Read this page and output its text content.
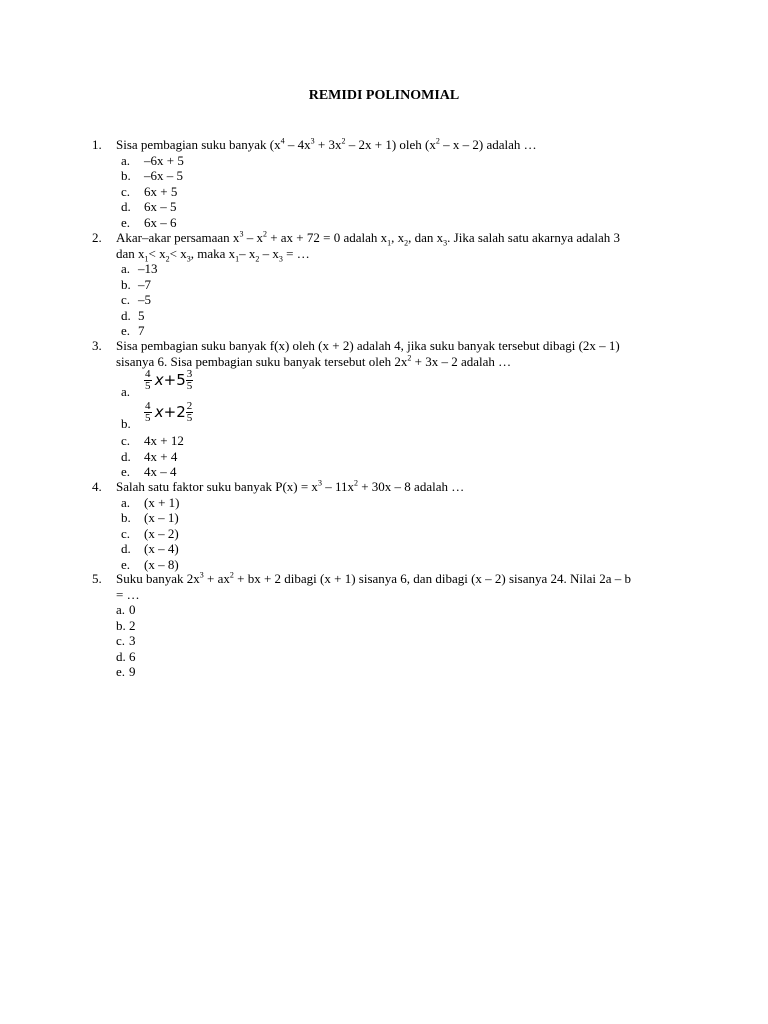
REMIDI POLINOMIAL
1. Sisa pembagian suku banyak $(x^4 - 4x^3 + 3x^2 - 2x + 1)$ oleh ($x^2$ – x – 2) adalah …
a. –6x + 5
b. –6x – 5
c. 6x + 5
d. 6x – 5
e. 6x – 6
2. Akar–akar persamaan $x^3 - x^2$ + ax + 72 = 0 adalah $x_1$, $x_2$, dan $x_3$. Jika salah satu akarnya adalah 3
dan $x_1< x_2< x_3$, maka $x_1-$ $x_2 - x_3$ = …
a. –13
b. –7
c. –5
d. 5
e. 7
3. Sisa pembagian suku banyak f(x) oleh (x + 2) adalah 4, jika suku banyak tersebut dibagi (2x – 1)
sisanya 6. Sisa pembagian suku banyak tersebut oleh $2x^2 + 3x - 2$ adalah …
a. $\frac{4}{5} x+5 \frac{3}{5}$
b. $\frac{4}{5} x+2 \frac{2}{5}$
c. 4x + 12
d. 4x + 4
e. 4x – 4
4. Salah satu faktor suku banyak $P(x) = x^3 - 11x^2 + 30x - 8$ adalah …
a. (x + 1)
b. (x – 1)
c. (x – 2)
d. (x – 4)
e. (x – 8)
5. Suku banyak $2x^3 + ax^2$ + bx + 2 dibagi (x + 1) sisanya 6, dan dibagi (x – 2) sisanya 24. Nilai 2a – b
= …
a. 0
b. 2
c. 3
d. 6
e. 9
